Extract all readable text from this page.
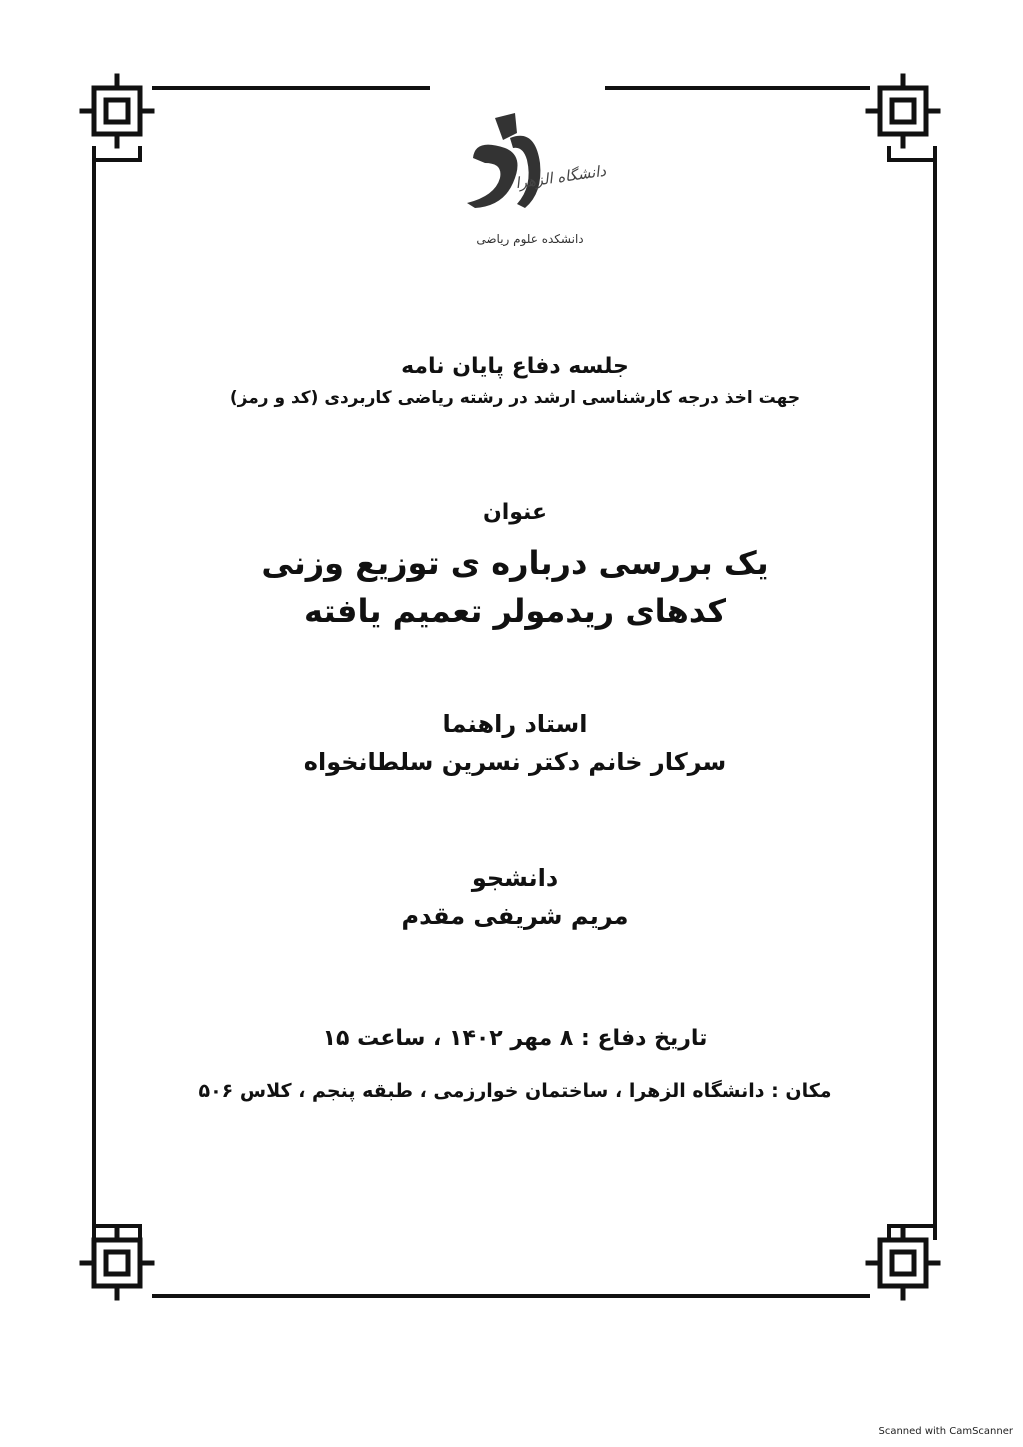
دانشگاه الزهرا
دانشکده علوم ریاضی
جلسه دفاع پایان نامه
جهت اخذ درجه کارشناسی ارشد در رشته ریاضی کاربردی (کد و رمز)
عنوان
یک بررسی درباره ی توزیع وزنی
کدهای ریدمولر تعمیم یافته
استاد راهنما
سرکار خانم دکتر نسرین سلطانخواه
دانشجو
مریم شریفی مقدم
تاریخ دفاع : ۸ مهر ۱۴۰۲ ، ساعت ۱۵
مکان : دانشگاه الزهرا ، ساختمان خوارزمی ، طبقه پنجم ، کلاس ۵۰۶
Scanned with CamScanner
